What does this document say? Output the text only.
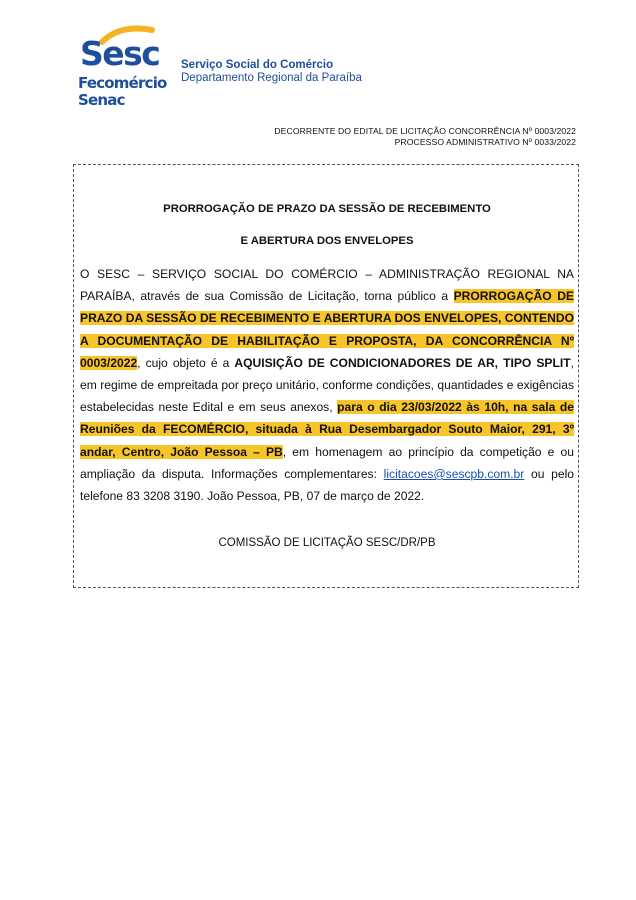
Sesc
Fecomércio
Senac
Serviço Social do Comércio
Departamento Regional da Paraíba
DECORRENTE DO EDITAL DE LICITAÇÃO CONCORRÊNCIA Nº 0003/2022
PROCESSO ADMINISTRATIVO Nº 0033/2022
PRORROGAÇÃO DE PRAZO DA SESSÃO DE RECEBIMENTO
E ABERTURA DOS ENVELOPES
O SESC – SERVIÇO SOCIAL DO COMÉRCIO – ADMINISTRAÇÃO REGIONAL NA PARAÍBA, através de sua Comissão de Licitação, torna público a PRORROGAÇÃO DE PRAZO DA SESSÃO DE RECEBIMENTO E ABERTURA DOS ENVELOPES, CONTENDO A DOCUMENTAÇÃO DE HABILITAÇÃO E PROPOSTA, DA CONCORRÊNCIA Nº 0003/2022, cujo objeto é a AQUISIÇÃO DE CONDICIONADORES DE AR, TIPO SPLIT, em regime de empreitada por preço unitário, conforme condições, quantidades e exigências estabelecidas neste Edital e em seus anexos, para o dia 23/03/2022 às 10h, na sala de Reuniões da FECOMÉRCIO, situada à Rua Desembargador Souto Maior, 291, 3º andar, Centro, João Pessoa – PB, em homenagem ao princípio da competição e ou ampliação da disputa. Informações complementares: licitacoes@sescpb.com.br ou pelo telefone 83 3208 3190. João Pessoa, PB, 07 de março de 2022.
COMISSÃO DE LICITAÇÃO SESC/DR/PB
